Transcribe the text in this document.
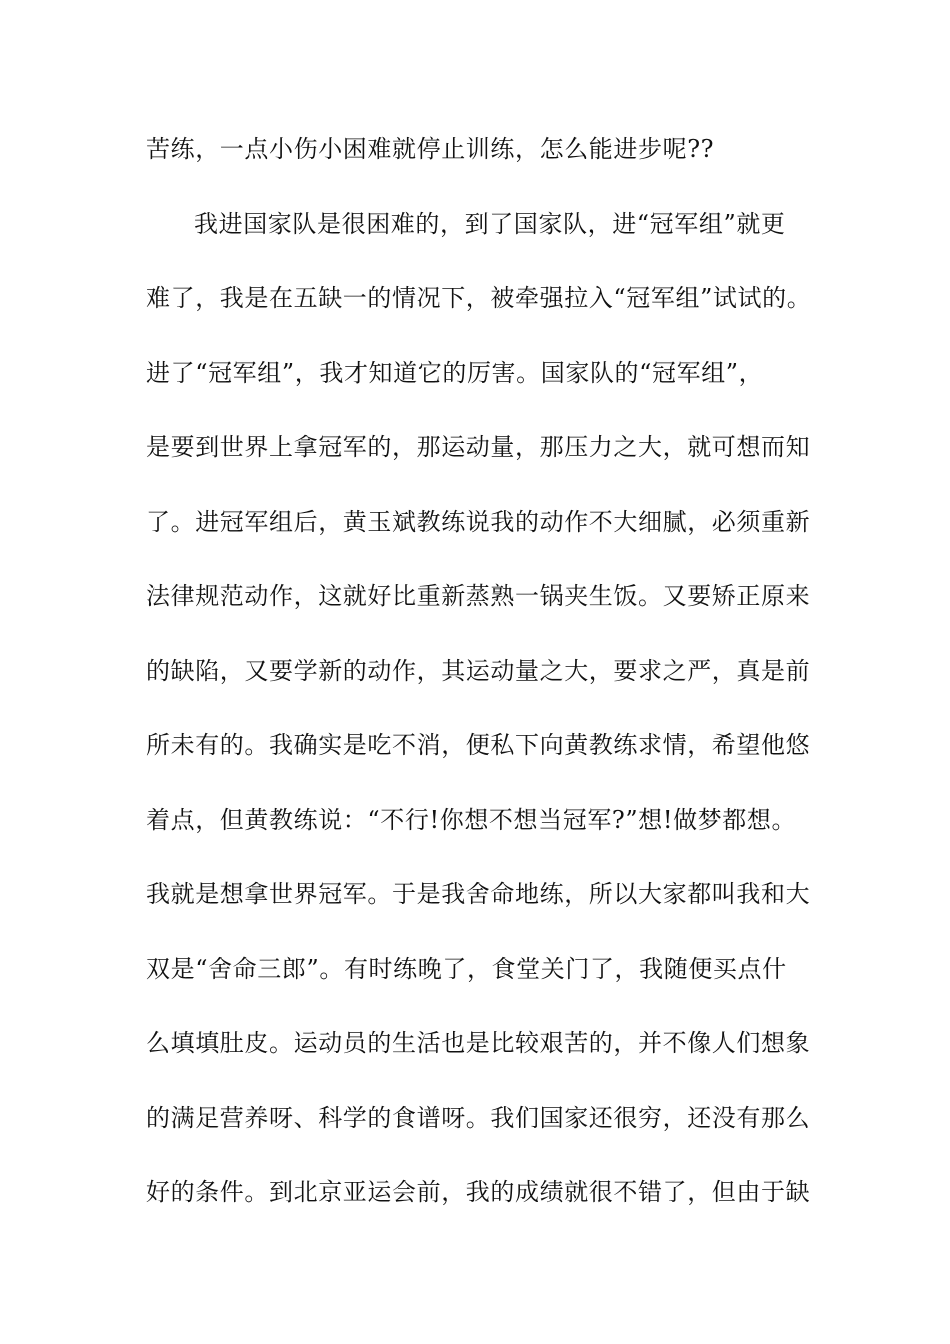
苦练，一点小伤小困难就停止训练，怎么能进步呢??
我进国家队是很困难的，到了国家队，进“冠军组”就更
难了，我是在五缺一的情况下，被牵强拉入“冠军组”试试的。
进了“冠军组”，我才知道它的厉害。国家队的“冠军组”，
是要到世界上拿冠军的，那运动量，那压力之大，就可想而知
了。进冠军组后，黄玉斌教练说我的动作不大细腻，必须重新
法律规范动作，这就好比重新蒸熟一锅夹生饭。又要矫正原来
的缺陷，又要学新的动作，其运动量之大，要求之严，真是前
所未有的。我确实是吃不消，便私下向黄教练求情，希望他悠
着点，但黄教练说：“不行!你想不想当冠军?”想!做梦都想。
我就是想拿世界冠军。于是我舍命地练，所以大家都叫我和大
双是“舍命三郎”。有时练晚了，食堂关门了，我随便买点什
么填填肚皮。运动员的生活也是比较艰苦的，并不像人们想象
的满足营养呀、科学的食谱呀。我们国家还很穷，还没有那么
好的条件。到北京亚运会前，我的成绩就很不错了，但由于缺
